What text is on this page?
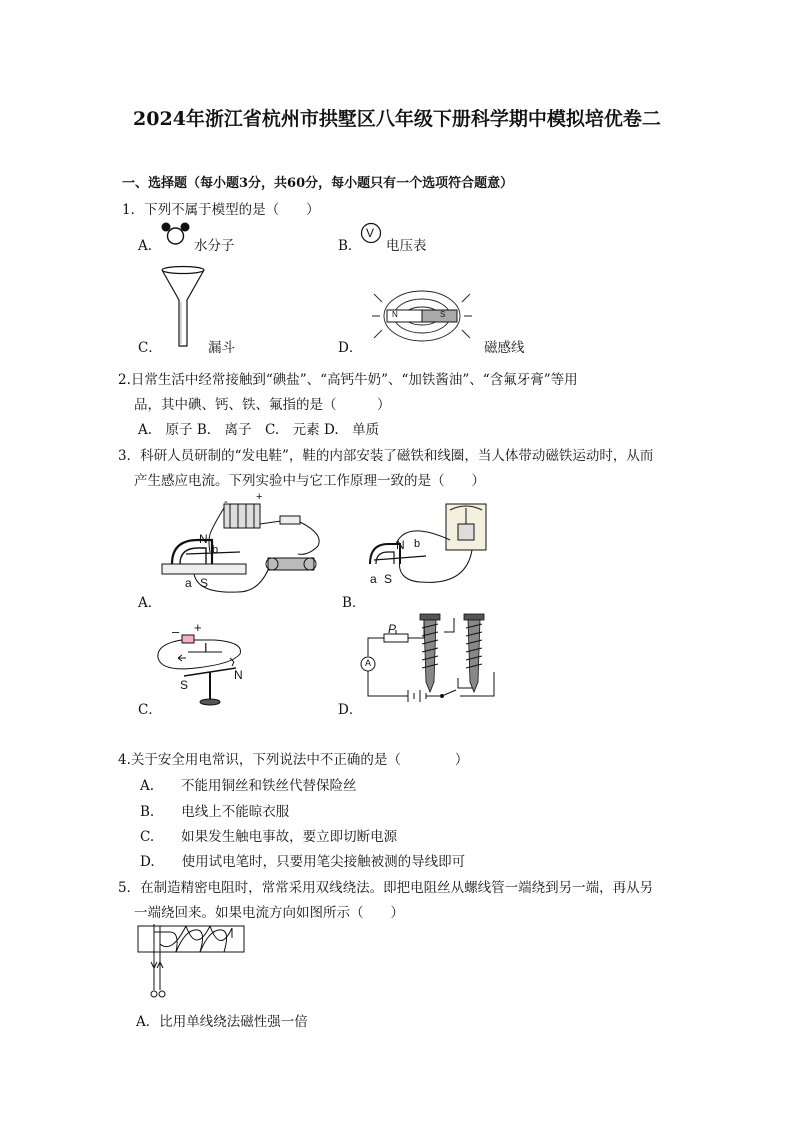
2024年浙江省杭州市拱墅区八年级下册科学期中模拟培优卷二
一、选择题（每小题3分，共60分，每小题只有一个选项符合题意）
1．下列不属于模型的是（　　）
A． 水分子	B．
V
电压表
C．	漏斗
N	S
D．	磁感线
2.日常生活中经常接触到“碘盐”、“高钙牛奶”、“加铁酱油”、“含氟牙膏”等用
品，其中碘、钙、铁、氟指的是（　　　）
A.　原子 B.　离子　C.　元素 D.　单质
3．科研人员研制的“发电鞋”，鞋的内部安装了磁铁和线圈，当人体带动磁铁运动时，从而
产生感应电流。下列实验中与它工作原理一致的是（　　）
-	+
N
b
a S
A．
N b
a S
B．
– +
I
S
N
C．
P
A
D．
4.关于安全用电常识，下列说法中不正确的是（　　　　）
A.　　不能用铜丝和铁丝代替保险丝
B.　　电线上不能晾衣服
C.　　如果发生触电事故，要立即切断电源
D.　　使用试电笔时，只要用笔尖接触被测的导线即可
5．在制造精密电阻时，常常采用双线绕法。即把电阻丝从螺线管一端绕到另一端，再从另
一端绕回来。如果电流方向如图所示（　　）
A．比用单线绕法磁性强一倍
